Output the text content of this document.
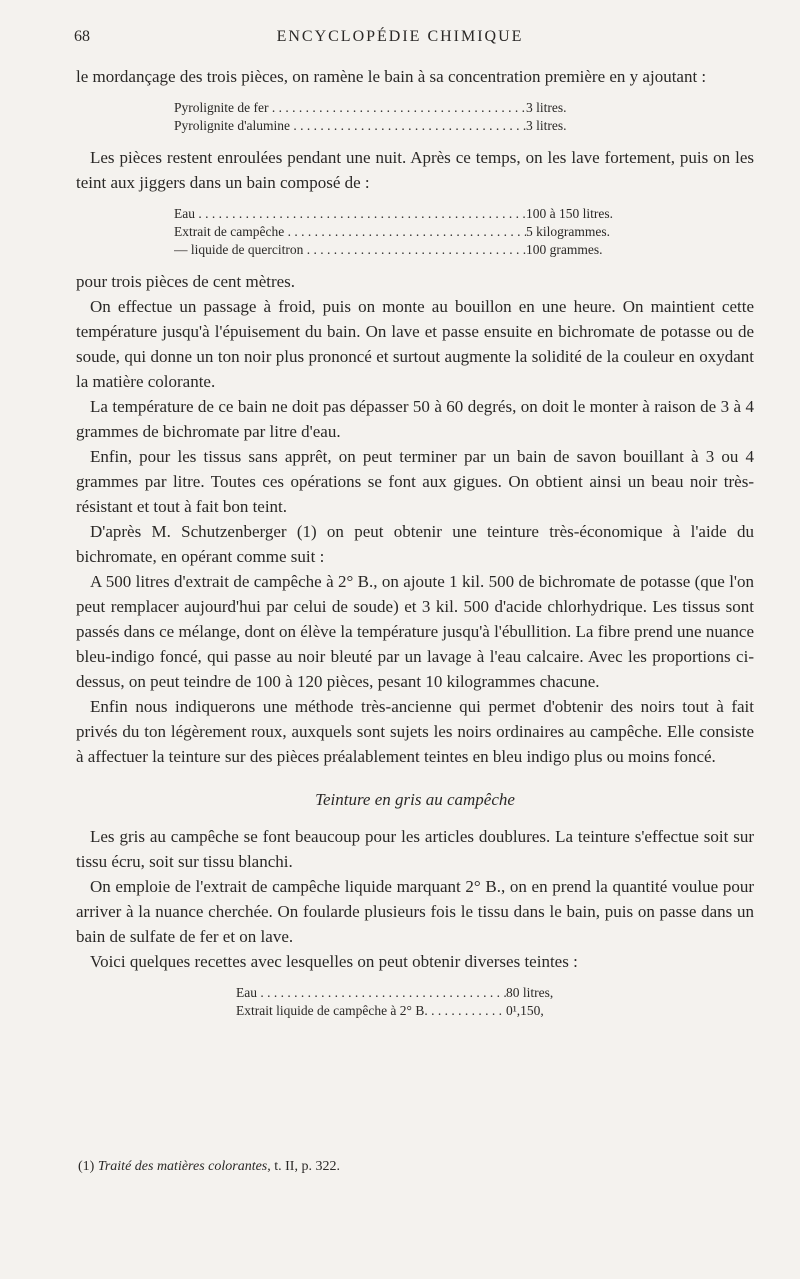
68	ENCYCLOPÉDIE CHIMIQUE

le mordançage des trois pièces, on ramène le bain à sa concentration première en y ajoutant :

Pyrolignite de fer . . .	3 litres.
Pyrolignite d'alumine . . .	3 litres.

Les pièces restent enroulées pendant une nuit. Après ce temps, on les lave fortement, puis on les teint aux jiggers dans un bain composé de :

Eau . . .	100 à 150 litres.
Extrait de campêche . . .	5 kilogrammes.
— liquide de quercitron . . .	100 grammes.

pour trois pièces de cent mètres.

On effectue un passage à froid, puis on monte au bouillon en une heure. On maintient cette température jusqu'à l'épuisement du bain. On lave et passe ensuite en bichromate de potasse ou de soude, qui donne un ton noir plus prononcé et surtout augmente la solidité de la couleur en oxydant la matière colorante.

La température de ce bain ne doit pas dépasser 50 à 60 degrés, on doit le monter à raison de 3 à 4 grammes de bichromate par litre d'eau.

Enfin, pour les tissus sans apprêt, on peut terminer par un bain de savon bouillant à 3 ou 4 grammes par litre. Toutes ces opérations se font aux gigues. On obtient ainsi un beau noir très-résistant et tout à fait bon teint.

D'après M. Schutzenberger (1) on peut obtenir une teinture très-économique à l'aide du bichromate, en opérant comme suit :

A 500 litres d'extrait de campêche à 2° B., on ajoute 1 kil. 500 de bichromate de potasse (que l'on peut remplacer aujourd'hui par celui de soude) et 3 kil. 500 d'acide chlorhydrique. Les tissus sont passés dans ce mélange, dont on élève la température jusqu'à l'ébullition. La fibre prend une nuance bleu-indigo foncé, qui passe au noir bleuté par un lavage à l'eau calcaire. Avec les proportions ci-dessus, on peut teindre de 100 à 120 pièces, pesant 10 kilogrammes chacune.

Enfin nous indiquerons une méthode très-ancienne qui permet d'obtenir des noirs tout à fait privés du ton légèrement roux, auxquels sont sujets les noirs ordinaires au campêche. Elle consiste à affectuer la teinture sur des pièces préalablement teintes en bleu indigo plus ou moins foncé.

Teinture en gris au campêche

Les gris au campêche se font beaucoup pour les articles doublures. La teinture s'effectue soit sur tissu écru, soit sur tissu blanchi.

On emploie de l'extrait de campêche liquide marquant 2° B., on en prend la quantité voulue pour arriver à la nuance cherchée. On foularde plusieurs fois le tissu dans le bain, puis on passe dans un bain de sulfate de fer et on lave.

Voici quelques recettes avec lesquelles on peut obtenir diverses teintes :

Eau . . .	80 litres,
Extrait liquide de campêche à 2° B. . . .	0¹,150,
(1) Traité des matières colorantes, t. II, p. 322.
